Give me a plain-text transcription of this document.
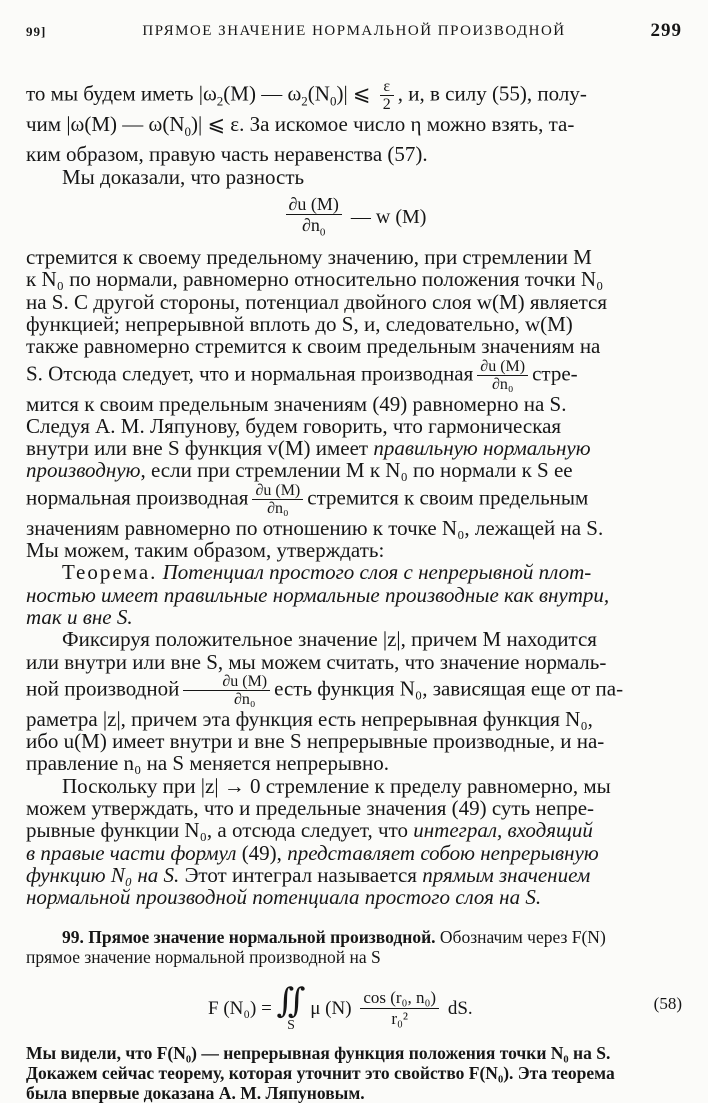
99]	ПРЯМОЕ ЗНАЧЕНИЕ НОРМАЛЬНОЙ ПРОИЗВОДНОЙ	299

то мы будем иметь $|\omega_2(M)$ — $\omega_2(N_0)|$ ⩽ $\frac{\varepsilon}{2}$ , и, в силу (55), полу-
чим |ω(M) — $\omega(N_0)|$ ⩽ ε. За искомое число η можно взять, та-
ким образом, правую часть неравенства (57).

Мы доказали, что разность

$\frac{\partial u (M)}{\partial n_0}$ — w (M)

стремится к своему предельному значению, при стремлении M
к N₀ по нормали, равномерно относительно положения точки N₀
на S. С другой стороны, потенциал двойного слоя w(M) является
функцией; непрерывной вплоть до S, и, следовательно, w(M)
также равномерно стремится к своим предельным значениям на
S. Отсюда следует, что и нормальная производная $\frac{\partial u (M)}{\text{∂n₀}}$ стре-
мится к своим предельным значениям (49) равномерно на S.
Следуя А. М. Ляпунову, будем говорить, что гармоническая
внутри или вне S функция v(M) имеет правильную нормальную
производную, если при стремлении M к N₀ по нормали к S ее
нормальная производная $\frac{\partial u (M)}{\text{∂n₀}}$ стремится к своим предельным
значениям равномерно по отношению к точке N₀, лежащей на S.
Мы можем, таким образом, утверждать:

Теорема. Потенциал простого слоя с непрерывной плот-
ностью имеет правильные нормальные производные как внутри,
так и вне S.

Фиксируя положительное значение |z|, причем M находится
или внутри или вне S, мы можем считать, что значение нормаль-
ной производной $\frac{\partial u (M)}{\text{∂n₀}}$ есть функция N₀, зависящая еще от па-
раметра |z|, причем эта функция есть непрерывная функция N₀,
ибо u(M) имеет внутри и вне S непрерывные производные, и на-
правление n₀ на S меняется непрерывно.

Поскольку при |z| → 0 стремление к пределу равномерно, мы
можем утверждать, что и предельные значения (49) суть непре-
рывные функции N₀, а отсюда следует, что интеграл, входящий
в правые части формул (49), представляет собою непрерывную
функцию N₀ на S. Этот интеграл называется прямым значением
нормальной производной потенциала простого слоя на S.

99. Прямое значение нормальной производной. Обозначим через F(N)
прямое значение нормальной производной на S

F (N₀) = ∬
S
μ $(N) \frac{\text{cos (r₀, n₀)}}{\text{r₀²}}$ dS.	(58)

Мы видели, что F(N₀) — непрерывная функция положения точки N₀ на S.
Докажем сейчас теорему, которая уточнит это свойство F(N₀). Эта теорема
была впервые доказана А. М. Ляпуновым.
